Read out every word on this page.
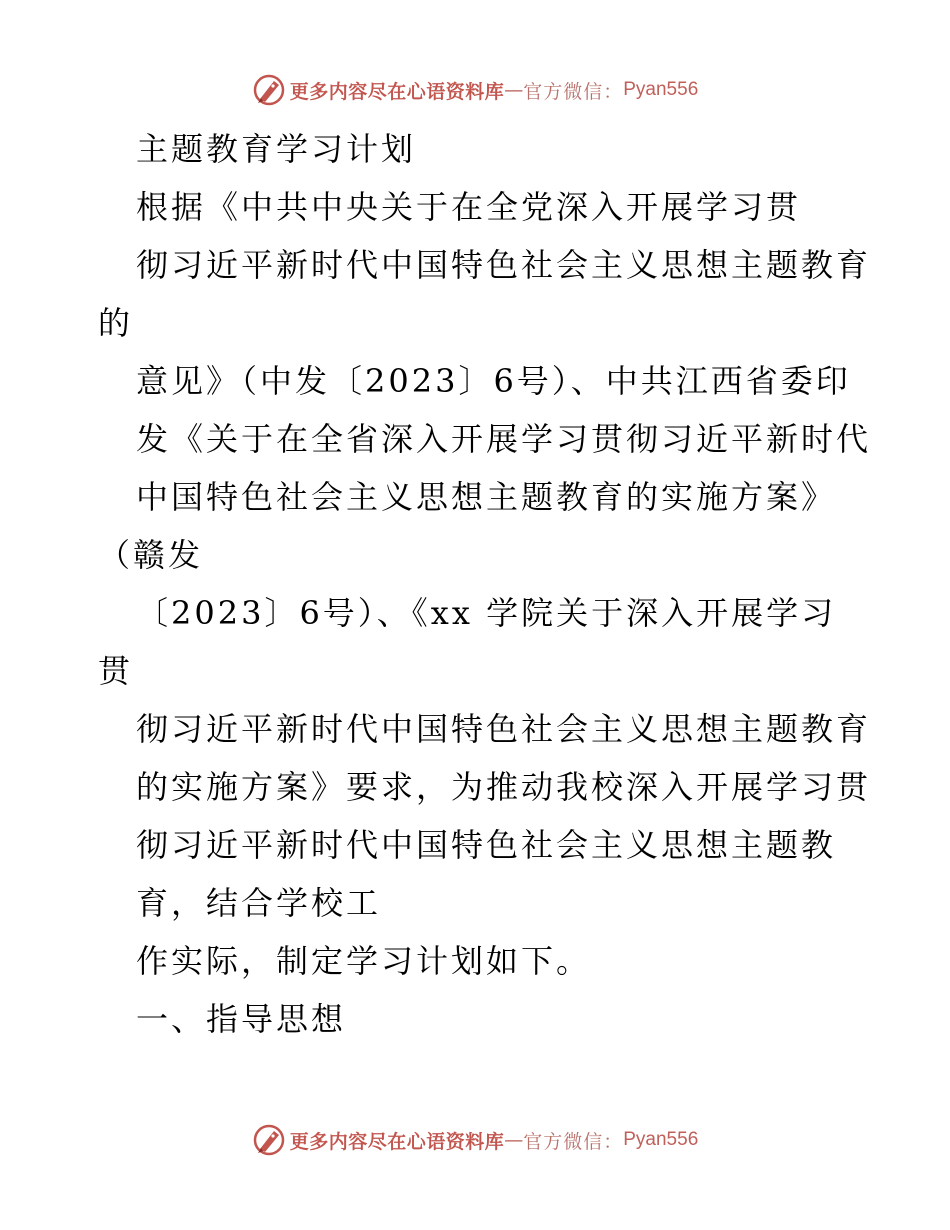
更多内容尽在心语资料库 — 官方微信： Pyan556
主题教育学习计划
根据《中共中央关于在全党深入开展学习贯
彻习近平新时代中国特色社会主义思想主题教育
的
意见》（中发〔2023〕6号）、中共江西省委印
发《关于在全省深入开展学习贯彻习近平新时代
中国特色社会主义思想主题教育的实施方案》
（赣发
〔2023〕6号）、《xx 学院关于深入开展学习
贯
彻习近平新时代中国特色社会主义思想主题教育
的实施方案》要求，为推动我校深入开展学习贯
彻习近平新时代中国特色社会主义思想主题教
育，结合学校工
作实际，制定学习计划如下。
一、指导思想
更多内容尽在心语资料库 — 官方微信： Pyan556
